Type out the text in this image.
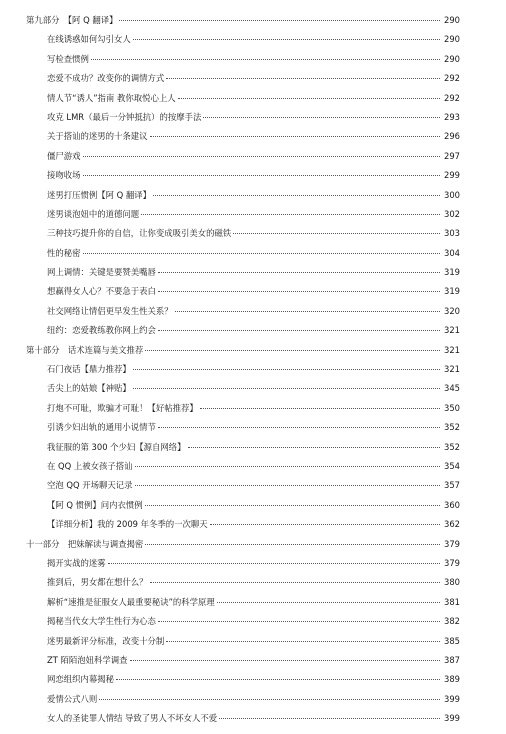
第九部分　【阿 Q 翻译】	290
在线诱惑如何勾引女人	290
写检查惯例	290
恋爱不成功？改变你的调情方式	292
情人节“诱人”指南 教你取悦心上人	292
攻克 LMR（最后一分钟抵抗）的按摩手法	293
关于搭讪的迷男的十条建议	296
僵尸游戏	297
接吻收场	299
迷男打压惯例【阿 Q 翻译】	300
迷男谈泡妞中的道德问题	302
三种技巧提升你的自信，让你变成吸引美女的磁铁	303
性的秘密	304
网上调情：关键是要赞美嘴唇	319
想赢得女人心？不要急于表白	319
社交网络让情侣更早发生性关系？	320
纽约：恋爱教练教你网上约会	321
第十部分　话术连篇与美文推荐	321
石门夜话【鼎力推荐】	321
舌尖上的姑娘【神贴】	345
打炮不可耻，欺骗才可耻！【好帖推荐】	350
引诱少妇出轨的通用小说情节	352
我征服的第 300 个少妇【源自网络】	352
在 QQ 上被女孩子搭讪	354
空泡 QQ 开场聊天记录	357
【阿 Q 惯例】问内衣惯例	360
【详细分析】我的 2009 年冬季的一次聊天	362
十一部分　把妹解读与调查揭密	379
揭开实战的迷雾	379
推到后，男女都在想什么？	380
解析“速推是征服女人最重要秘诀”的科学原理	381
揭秘当代女大学生性行为心态	382
迷男最新评分标准，改变十分制	385
ZT 陌陌泡妞科学调查	387
网恋组织内幕揭秘	389
爱情公式八则	399
女人的圣徒罪人情结 导致了男人不坏女人不爱	399
